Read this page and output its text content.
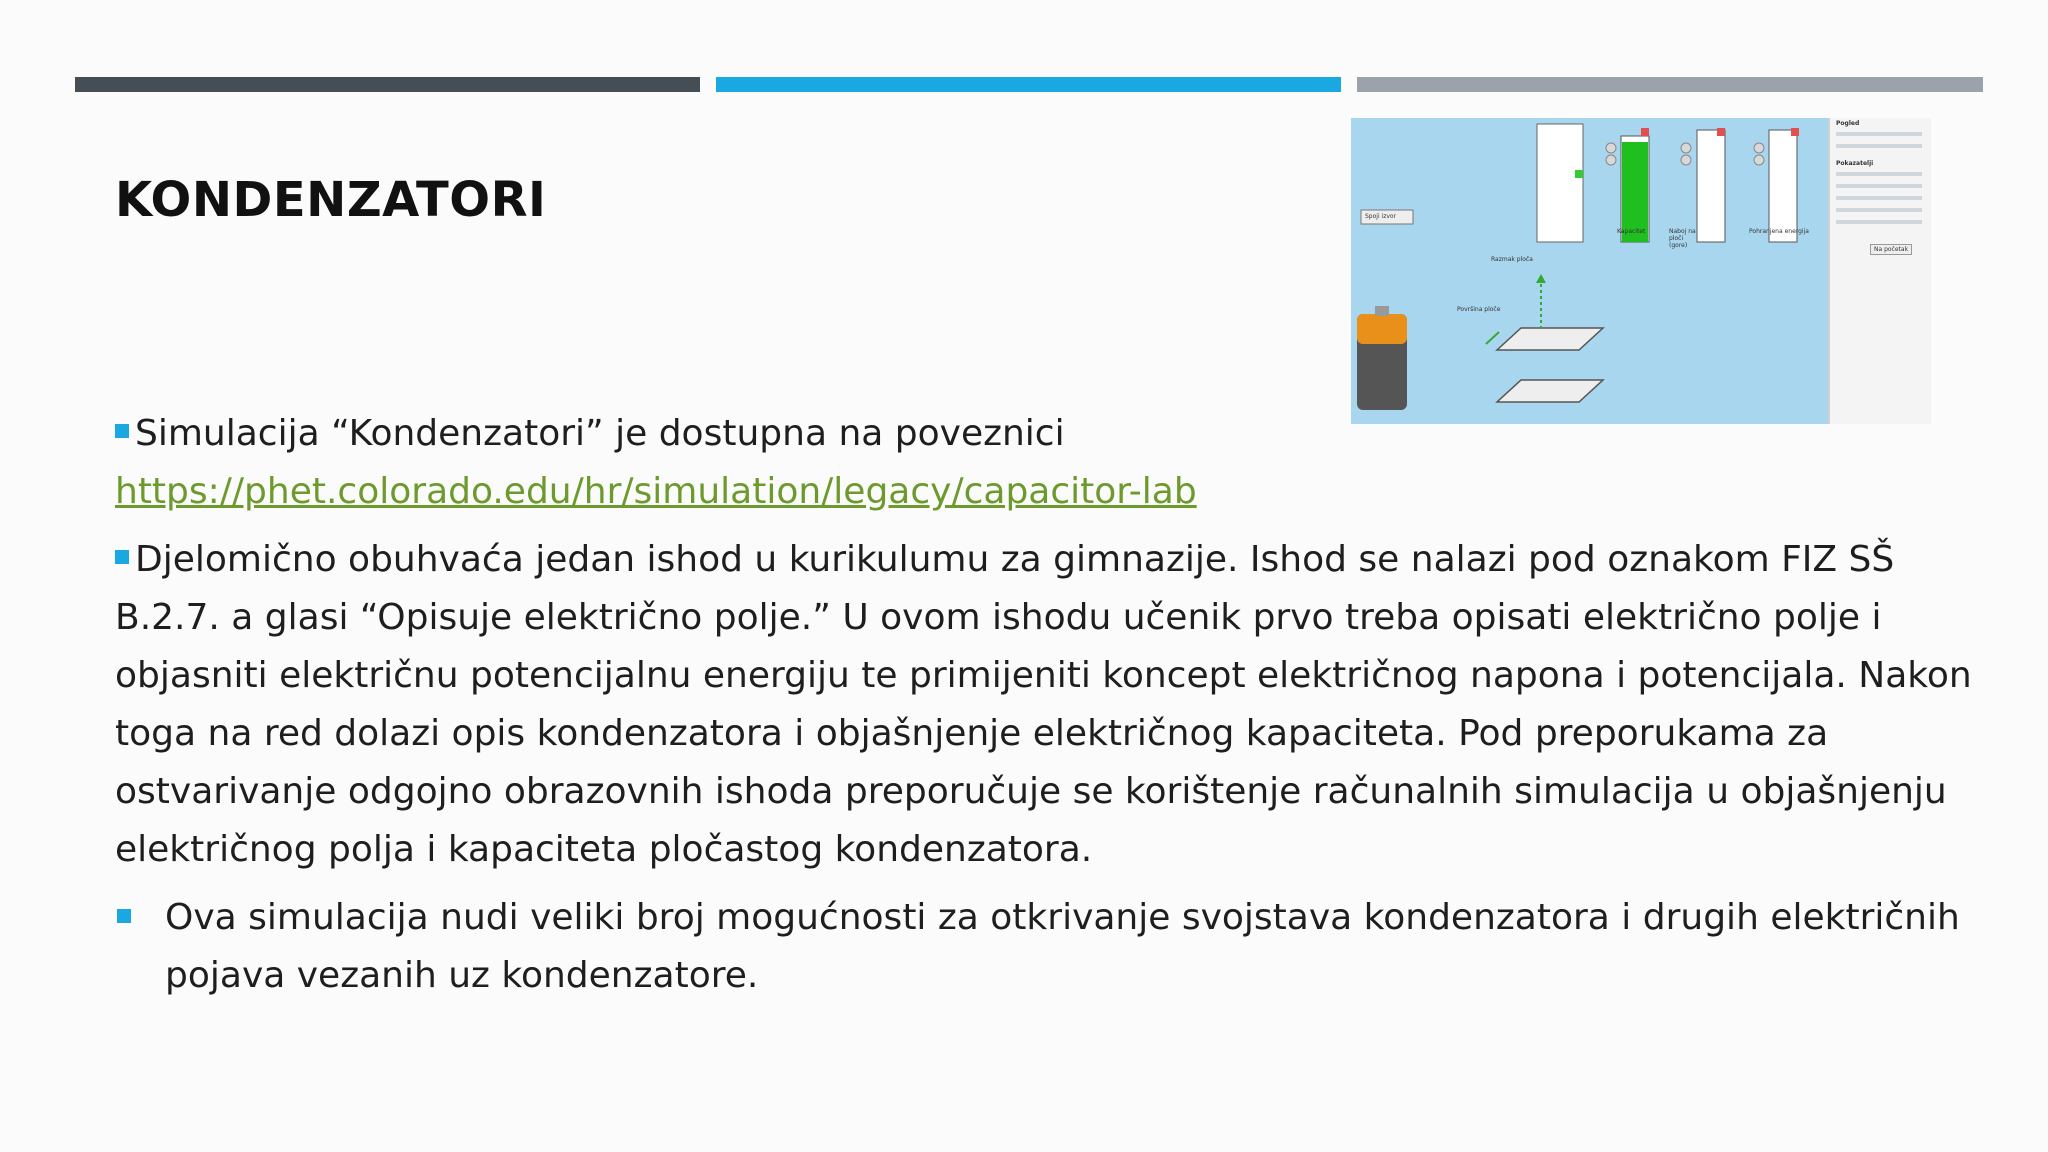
KONDENZATORI	Spoji izvor
Kapacitet	Naboj na ploči (gore)
Pohranjena energija
Razmak ploča
Površina ploče
Pogled
Pokazatelji
Na početak
Simulacija “Kondenzatori” je dostupna na poveznici
https://phet.colorado.edu/hr/simulation/legacy/capacitor-lab
Djelomično obuhvaća jedan ishod u kurikulumu za gimnazije. Ishod se nalazi pod oznakom FIZ SŠ B.2.7. a glasi “Opisuje električno polje.” U ovom ishodu učenik prvo treba opisati električno polje i objasniti električnu potencijalnu energiju te primijeniti koncept električnog napona i potencijala. Nakon toga na red dolazi opis kondenzatora i objašnjenje električnog kapaciteta. Pod preporukama za ostvarivanje odgojno obrazovnih ishoda preporučuje se korištenje računalnih simulacija u objašnjenju električnog polja i kapaciteta pločastog kondenzatora.
Ova simulacija nudi veliki broj mogućnosti za otkrivanje svojstava kondenzatora i drugih električnih pojava vezanih uz kondenzatore.
